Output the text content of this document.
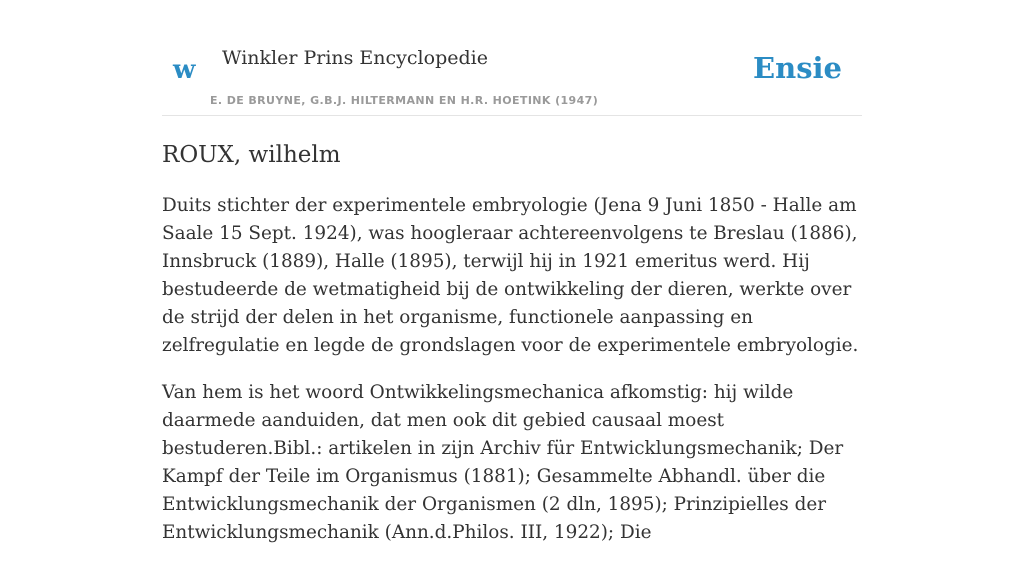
w Winkler Prins Encyclopedie
E. DE BRUYNE, G.B.J. HILTERMANN EN H.R. HOETINK (1947)
Ensie
ROUX, wilhelm

Duits stichter der experimentele embryologie (Jena 9 Juni 1850 - Halle am Saale 15 Sept. 1924), was hoogleraar achtereenvolgens te Breslau (1886), Innsbruck (1889), Halle (1895), terwijl hij in 1921 emeritus werd. Hij bestudeerde de wetmatigheid bij de ontwikkeling der dieren, werkte over de strijd der delen in het organisme, functionele aanpassing en zelfregulatie en legde de grondslagen voor de experimentele embryologie.

Van hem is het woord Ontwikkelingsmechanica afkomstig: hij wilde daarmede aanduiden, dat men ook dit gebied causaal moest bestuderen.Bibl.: artikelen in zijn Archiv für Entwicklungsmechanik; Der Kampf der Teile im Organismus (1881); Gesammelte Abhandl. über die Entwicklungsmechanik der Organismen (2 dln, 1895); Prinzipielles der Entwicklungsmechanik (Ann.d.Philos. III, 1922); Die
